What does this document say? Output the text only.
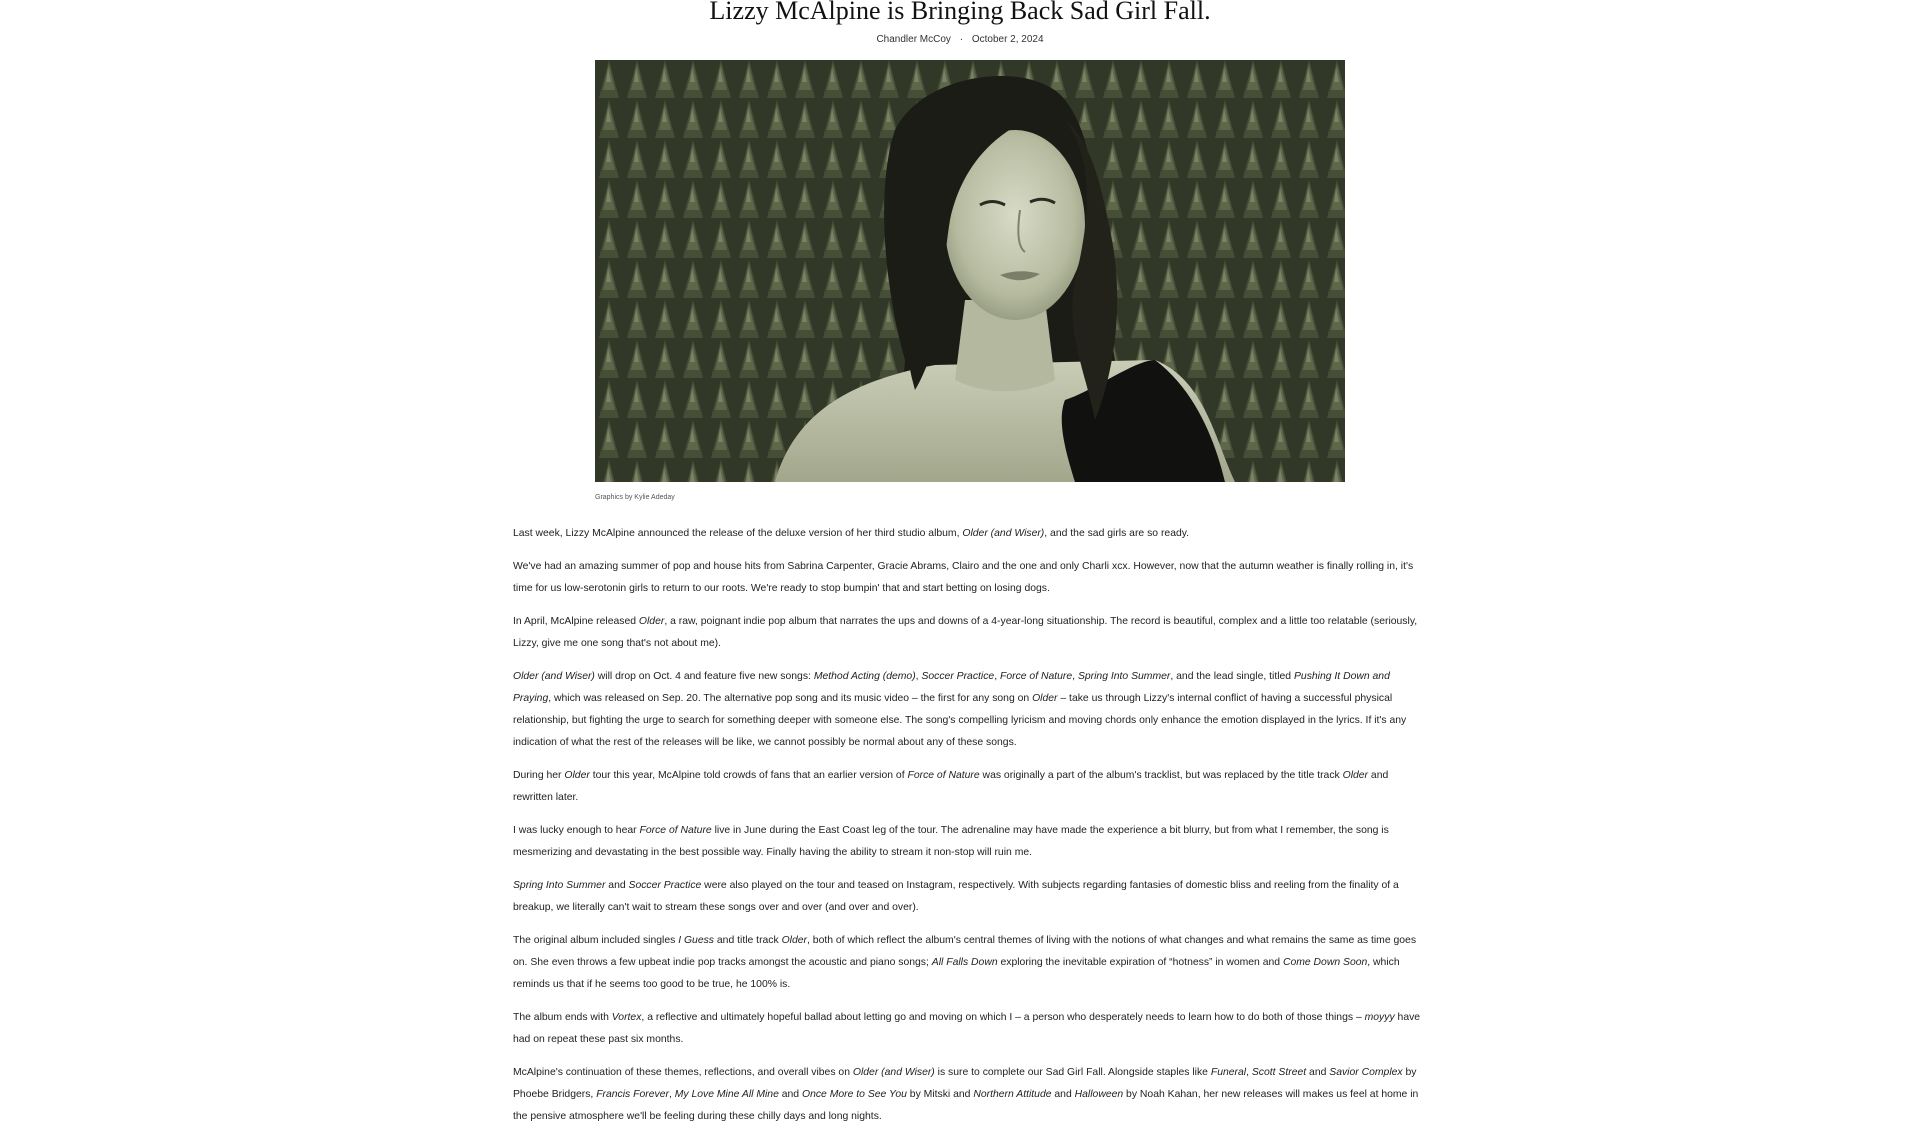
Lizzy McAlpine is Bringing Back Sad Girl Fall.
Chandler McCoy · October 2, 2024
Graphics by Kylie Adeday

Last week, Lizzy McAlpine announced the release of the deluxe version of her third studio album, Older (and Wiser), and the sad girls are so ready.

We've had an amazing summer of pop and house hits from Sabrina Carpenter, Gracie Abrams, Clairo and the one and only Charli xcx. However, now that the autumn weather is finally rolling in, it's time for us low-serotonin girls to return to our roots. We're ready to stop bumpin' that and start betting on losing dogs.

In April, McAlpine released Older, a raw, poignant indie pop album that narrates the ups and downs of a 4-year-long situationship. The record is beautiful, complex and a little too relatable (seriously, Lizzy, give me one song that's not about me).

Older (and Wiser) will drop on Oct. 4 and feature five new songs: Method Acting (demo), Soccer Practice, Force of Nature, Spring Into Summer, and the lead single, titled Pushing It Down and Praying, which was released on Sep. 20. The alternative pop song and its music video – the first for any song on Older – take us through Lizzy's internal conflict of having a successful physical relationship, but fighting the urge to search for something deeper with someone else. The song's compelling lyricism and moving chords only enhance the emotion displayed in the lyrics. If it's any indication of what the rest of the releases will be like, we cannot possibly be normal about any of these songs.

During her Older tour this year, McAlpine told crowds of fans that an earlier version of Force of Nature was originally a part of the album's tracklist, but was replaced by the title track Older and rewritten later.

I was lucky enough to hear Force of Nature live in June during the East Coast leg of the tour. The adrenaline may have made the experience a bit blurry, but from what I remember, the song is mesmerizing and devastating in the best possible way. Finally having the ability to stream it non-stop will ruin me.

Spring Into Summer and Soccer Practice were also played on the tour and teased on Instagram, respectively. With subjects regarding fantasies of domestic bliss and reeling from the finality of a breakup, we literally can't wait to stream these songs over and over (and over and over).

The original album included singles I Guess and title track Older, both of which reflect the album's central themes of living with the notions of what changes and what remains the same as time goes on. She even throws a few upbeat indie pop tracks amongst the acoustic and piano songs; All Falls Down exploring the inevitable expiration of “hotness” in women and Come Down Soon, which reminds us that if he seems too good to be true, he 100% is.

The album ends with Vortex, a reflective and ultimately hopeful ballad about letting go and moving on which I – a person who desperately needs to learn how to do both of those things – moyyy have had on repeat these past six months.

McAlpine's continuation of these themes, reflections, and overall vibes on Older (and Wiser) is sure to complete our Sad Girl Fall. Alongside staples like Funeral, Scott Street and Savior Complex by Phoebe Bridgers, Francis Forever, My Love Mine All Mine and Once More to See You by Mitski and Northern Attitude and Halloween by Noah Kahan, her new releases will makes us feel at home in the pensive atmosphere we'll be feeling during these chilly days and long nights.
